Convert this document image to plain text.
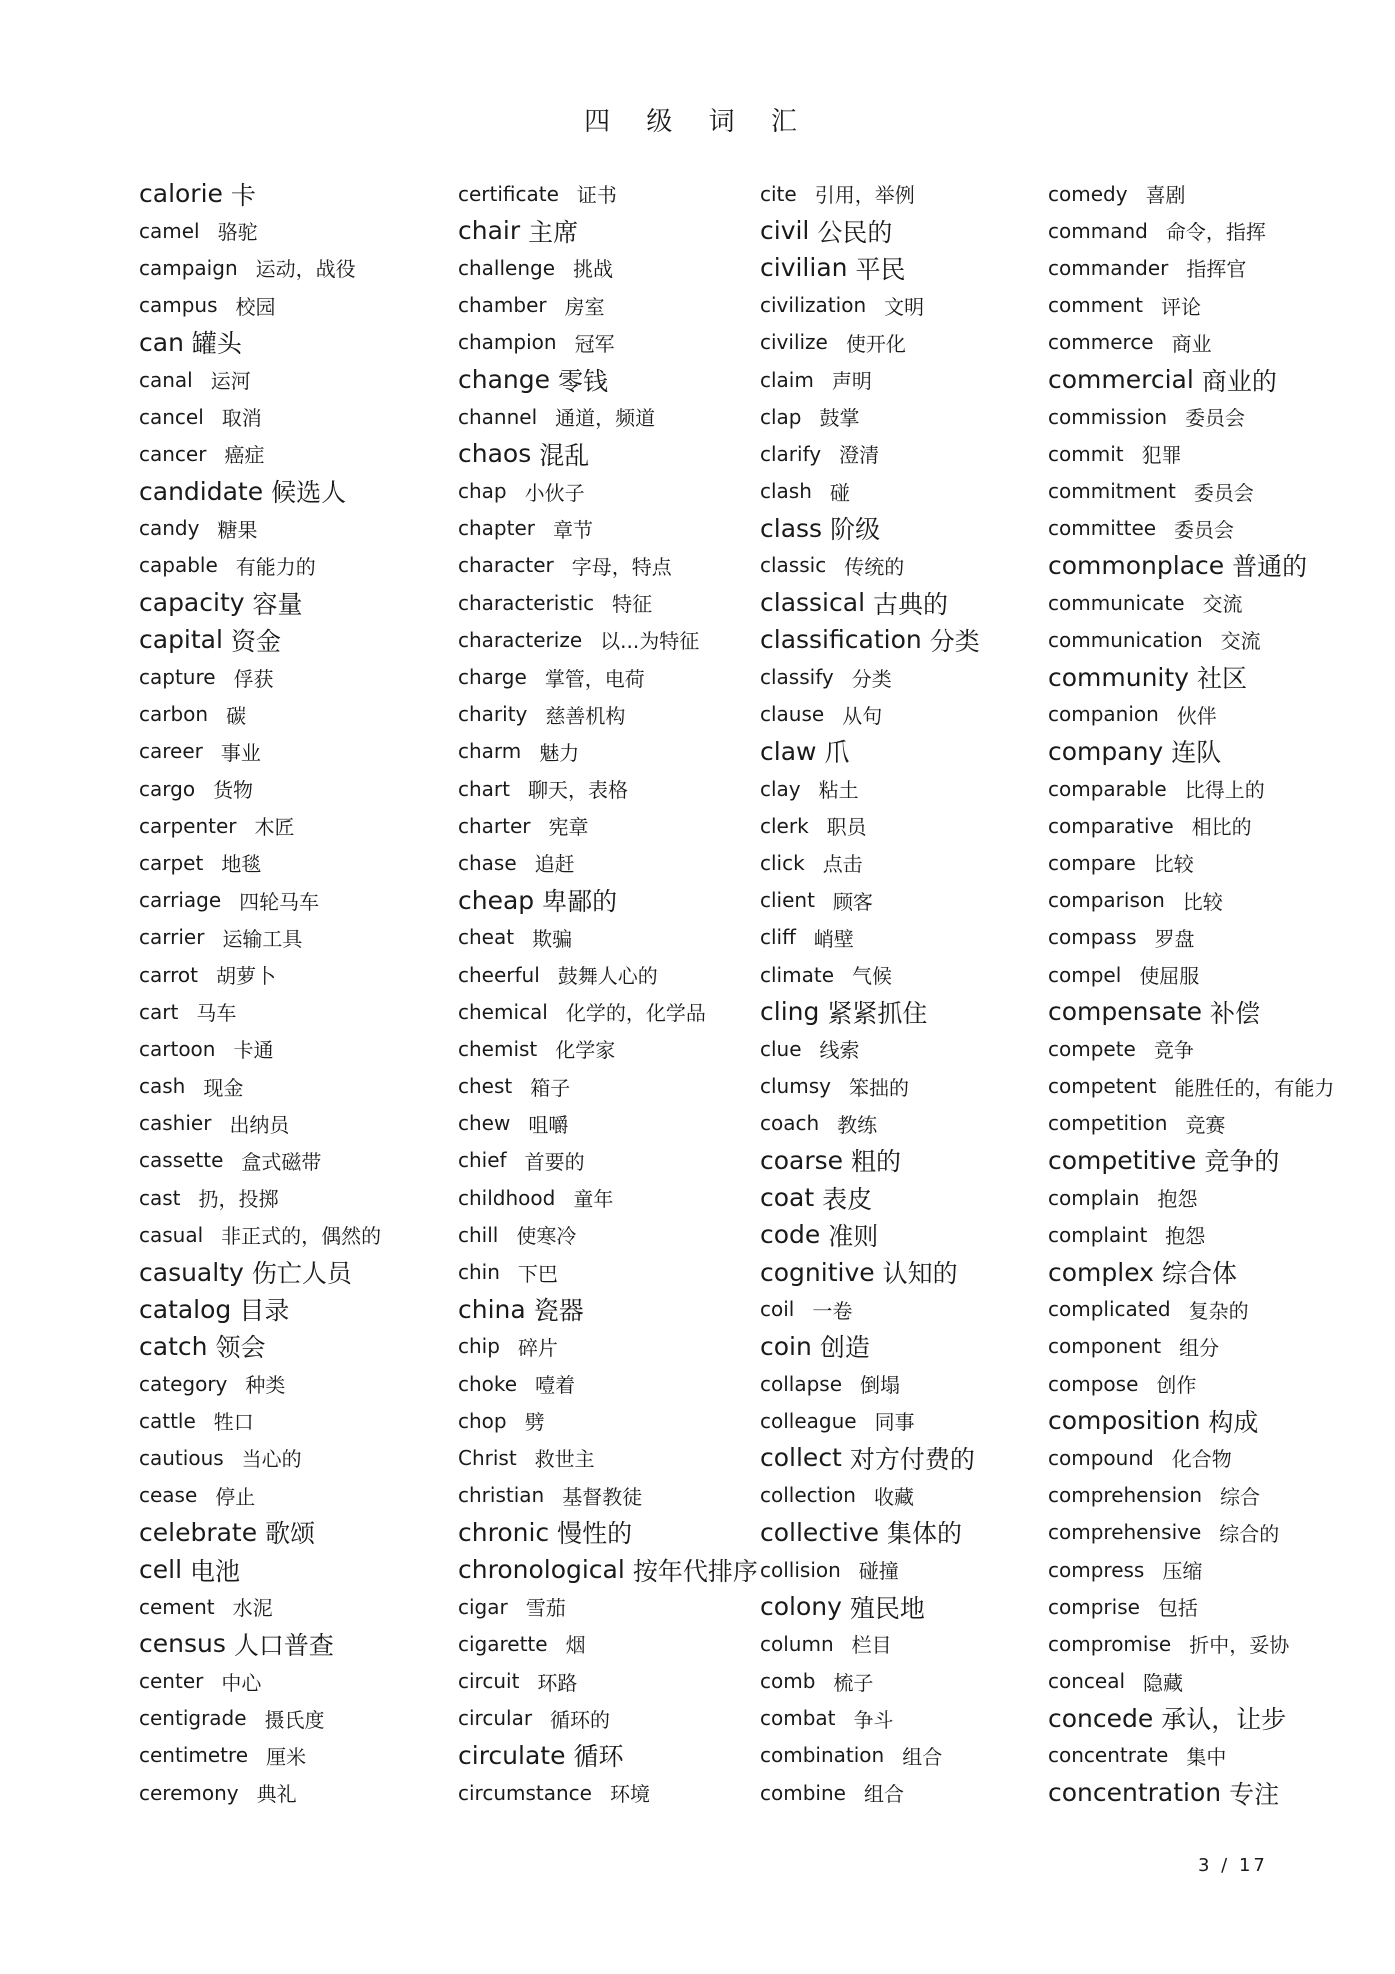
四 级 词 汇
calorie 卡
camel 骆驼
campaign 运动，战役
campus 校园
can 罐头
canal 运河
cancel 取消
cancer 癌症
candidate 候选人
candy 糖果
capable 有能力的
capacity 容量
capital 资金
capture 俘获
carbon 碳
career 事业
cargo 货物
carpenter 木匠
carpet 地毯
carriage 四轮马车
carrier 运输工具
carrot 胡萝卜
cart 马车
cartoon 卡通
cash 现金
cashier 出纳员
cassette 盒式磁带
cast 扔，投掷
casual 非正式的，偶然的
casualty 伤亡人员
catalog 目录
catch 领会
category 种类
cattle 牲口
cautious 当心的
cease 停止
celebrate 歌颂
cell 电池
cement 水泥
census 人口普查
center 中心
centigrade 摄氏度
centimetre 厘米
ceremony 典礼
certificate 证书
chair 主席
challenge 挑战
chamber 房室
champion 冠军
change 零钱
channel 通道，频道
chaos 混乱
chap 小伙子
chapter 章节
character 字母，特点
characteristic 特征
characterize 以...为特征
charge 掌管，电荷
charity 慈善机构
charm 魅力
chart 聊天，表格
charter 宪章
chase 追赶
cheap 卑鄙的
cheat 欺骗
cheerful 鼓舞人心的
chemical 化学的，化学品
chemist 化学家
chest 箱子
chew 咀嚼
chief 首要的
childhood 童年
chill 使寒冷
chin 下巴
china 瓷器
chip 碎片
choke 噎着
chop 劈
Christ 救世主
christian 基督教徒
chronic 慢性的
chronological 按年代排序
cigar 雪茄
cigarette 烟
circuit 环路
circular 循环的
circulate 循环
circumstance 环境
cite 引用，举例
civil 公民的
civilian 平民
civilization 文明
civilize 使开化
claim 声明
clap 鼓掌
clarify 澄清
clash 碰
class 阶级
classic 传统的
classical 古典的
classification 分类
classify 分类
clause 从句
claw 爪
clay 粘土
clerk 职员
click 点击
client 顾客
cliff 峭壁
climate 气候
cling 紧紧抓住
clue 线索
clumsy 笨拙的
coach 教练
coarse 粗的
coat 表皮
code 准则
cognitive 认知的
coil 一卷
coin 创造
collapse 倒塌
colleague 同事
collect 对方付费的
collection 收藏
collective 集体的
collision 碰撞
colony 殖民地
column 栏目
comb 梳子
combat 争斗
combination 组合
combine 组合
comedy 喜剧
command 命令，指挥
commander 指挥官
comment 评论
commerce 商业
commercial 商业的
commission 委员会
commit 犯罪
commitment 委员会
committee 委员会
commonplace 普通的
communicate 交流
communication 交流
community 社区
companion 伙伴
company 连队
comparable 比得上的
comparative 相比的
compare 比较
comparison 比较
compass 罗盘
compel 使屈服
compensate 补偿
compete 竞争
competent 能胜任的，有能力
competition 竞赛
competitive 竞争的
complain 抱怨
complaint 抱怨
complex 综合体
complicated 复杂的
component 组分
compose 创作
composition 构成
compound 化合物
comprehension 综合
comprehensive 综合的
compress 压缩
comprise 包括
compromise 折中，妥协
conceal 隐藏
concede 承认，让步
concentrate 集中
concentration 专注
3 / 17
